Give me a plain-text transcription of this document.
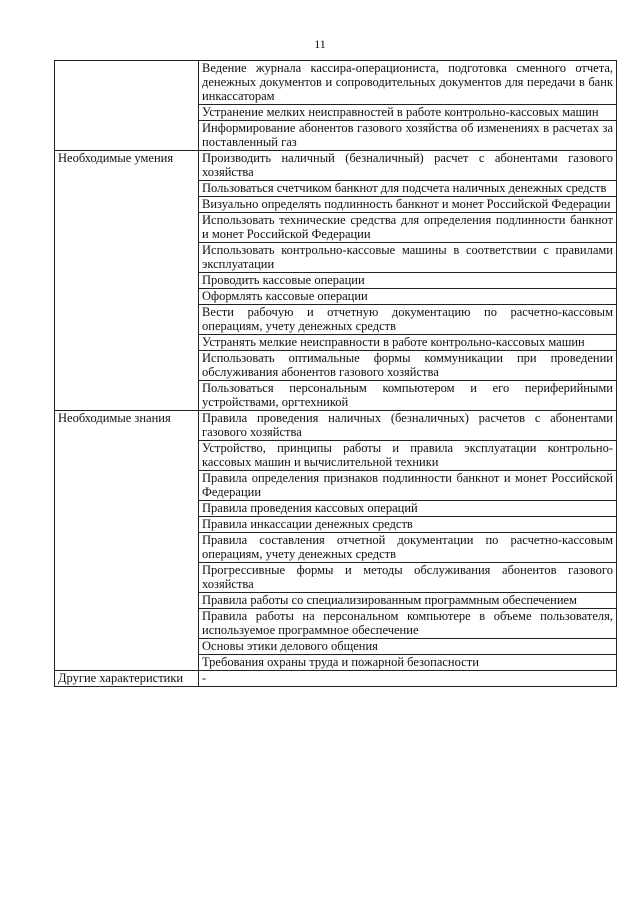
11
	Ведение журнала кассира-операциониста, подготовка сменного отчета, денежных документов и сопроводительных документов для передачи в банк инкассаторам
	Устранение мелких неисправностей в работе контрольно-кассовых машин
	Информирование абонентов газового хозяйства об изменениях в расчетах за поставленный газ
Необходимые умения	Производить наличный (безналичный) расчет с абонентами газового хозяйства
	Пользоваться счетчиком банкнот для подсчета наличных денежных средств
	Визуально определять подлинность банкнот и монет Российской Федерации
	Использовать технические средства для определения подлинности банкнот и монет Российской Федерации
	Использовать контрольно-кассовые машины в соответствии с правилами эксплуатации
	Проводить кассовые операции
	Оформлять кассовые операции
	Вести рабочую и отчетную документацию по расчетно-кассовым операциям, учету денежных средств
	Устранять мелкие неисправности в работе контрольно-кассовых машин
	Использовать оптимальные формы коммуникации при проведении обслуживания абонентов газового хозяйства
	Пользоваться персональным компьютером и его периферийными устройствами, оргтехникой
Необходимые знания	Правила проведения наличных (безналичных) расчетов с абонентами газового хозяйства
	Устройство, принципы работы и правила эксплуатации контрольно-кассовых машин и вычислительной техники
	Правила определения признаков подлинности банкнот и монет Российской Федерации
	Правила проведения кассовых операций
	Правила инкассации денежных средств
	Правила составления отчетной документации по расчетно-кассовым операциям, учету денежных средств
	Прогрессивные формы и методы обслуживания абонентов газового хозяйства
	Правила работы со специализированным программным обеспечением
	Правила работы на персональном компьютере в объеме пользователя, используемое программное обеспечение
	Основы этики делового общения
	Требования охраны труда и пожарной безопасности
Другие характеристики	-
